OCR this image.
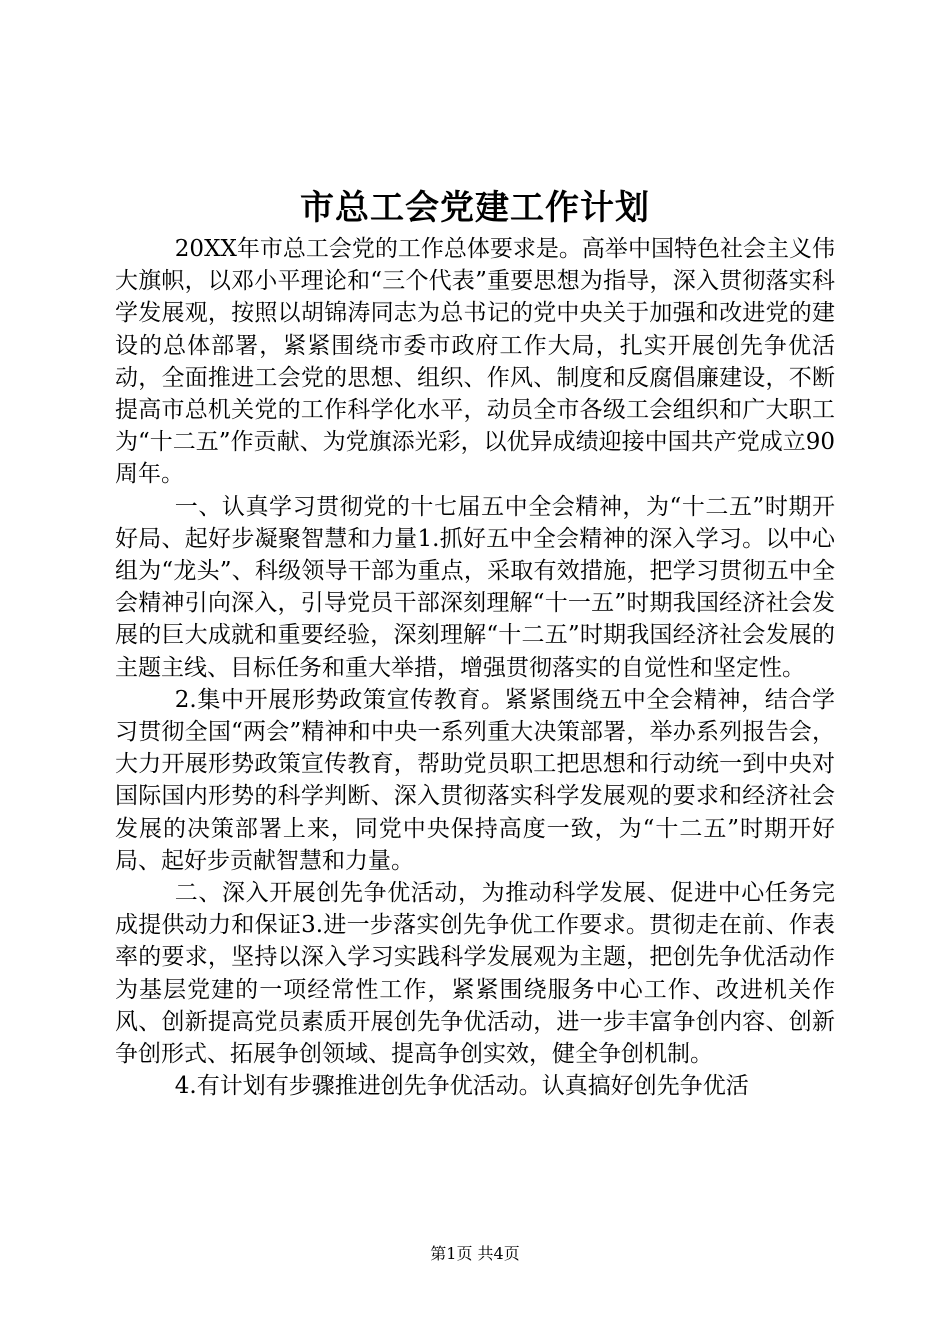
市总工会党建工作计划

20XX年市总工会党的工作总体要求是。高举中国特色社会主义伟大旗帜，以邓小平理论和“三个代表”重要思想为指导，深入贯彻落实科学发展观，按照以胡锦涛同志为总书记的党中央关于加强和改进党的建设的总体部署，紧紧围绕市委市政府工作大局，扎实开展创先争优活动，全面推进工会党的思想、组织、作风、制度和反腐倡廉建设，不断提高市总机关党的工作科学化水平，动员全市各级工会组织和广大职工为“十二五”作贡献、为党旗添光彩，以优异成绩迎接中国共产党成立90周年。

一、认真学习贯彻党的十七届五中全会精神，为“十二五”时期开好局、起好步凝聚智慧和力量1.抓好五中全会精神的深入学习。以中心组为“龙头”、科级领导干部为重点，采取有效措施，把学习贯彻五中全会精神引向深入，引导党员干部深刻理解“十一五”时期我国经济社会发展的巨大成就和重要经验，深刻理解“十二五”时期我国经济社会发展的主题主线、目标任务和重大举措，增强贯彻落实的自觉性和坚定性。

2.集中开展形势政策宣传教育。紧紧围绕五中全会精神，结合学习贯彻全国“两会”精神和中央一系列重大决策部署，举办系列报告会，大力开展形势政策宣传教育，帮助党员职工把思想和行动统一到中央对国际国内形势的科学判断、深入贯彻落实科学发展观的要求和经济社会发展的决策部署上来，同党中央保持高度一致，为“十二五”时期开好局、起好步贡献智慧和力量。

二、深入开展创先争优活动，为推动科学发展、促进中心任务完成提供动力和保证3.进一步落实创先争优工作要求。贯彻走在前、作表率的要求，坚持以深入学习实践科学发展观为主题，把创先争优活动作为基层党建的一项经常性工作，紧紧围绕服务中心工作、改进机关作风、创新提高党员素质开展创先争优活动，进一步丰富争创内容、创新争创形式、拓展争创领域、提高争创实效，健全争创机制。

4.有计划有步骤推进创先争优活动。认真搞好创先争优活

第1页 共4页
